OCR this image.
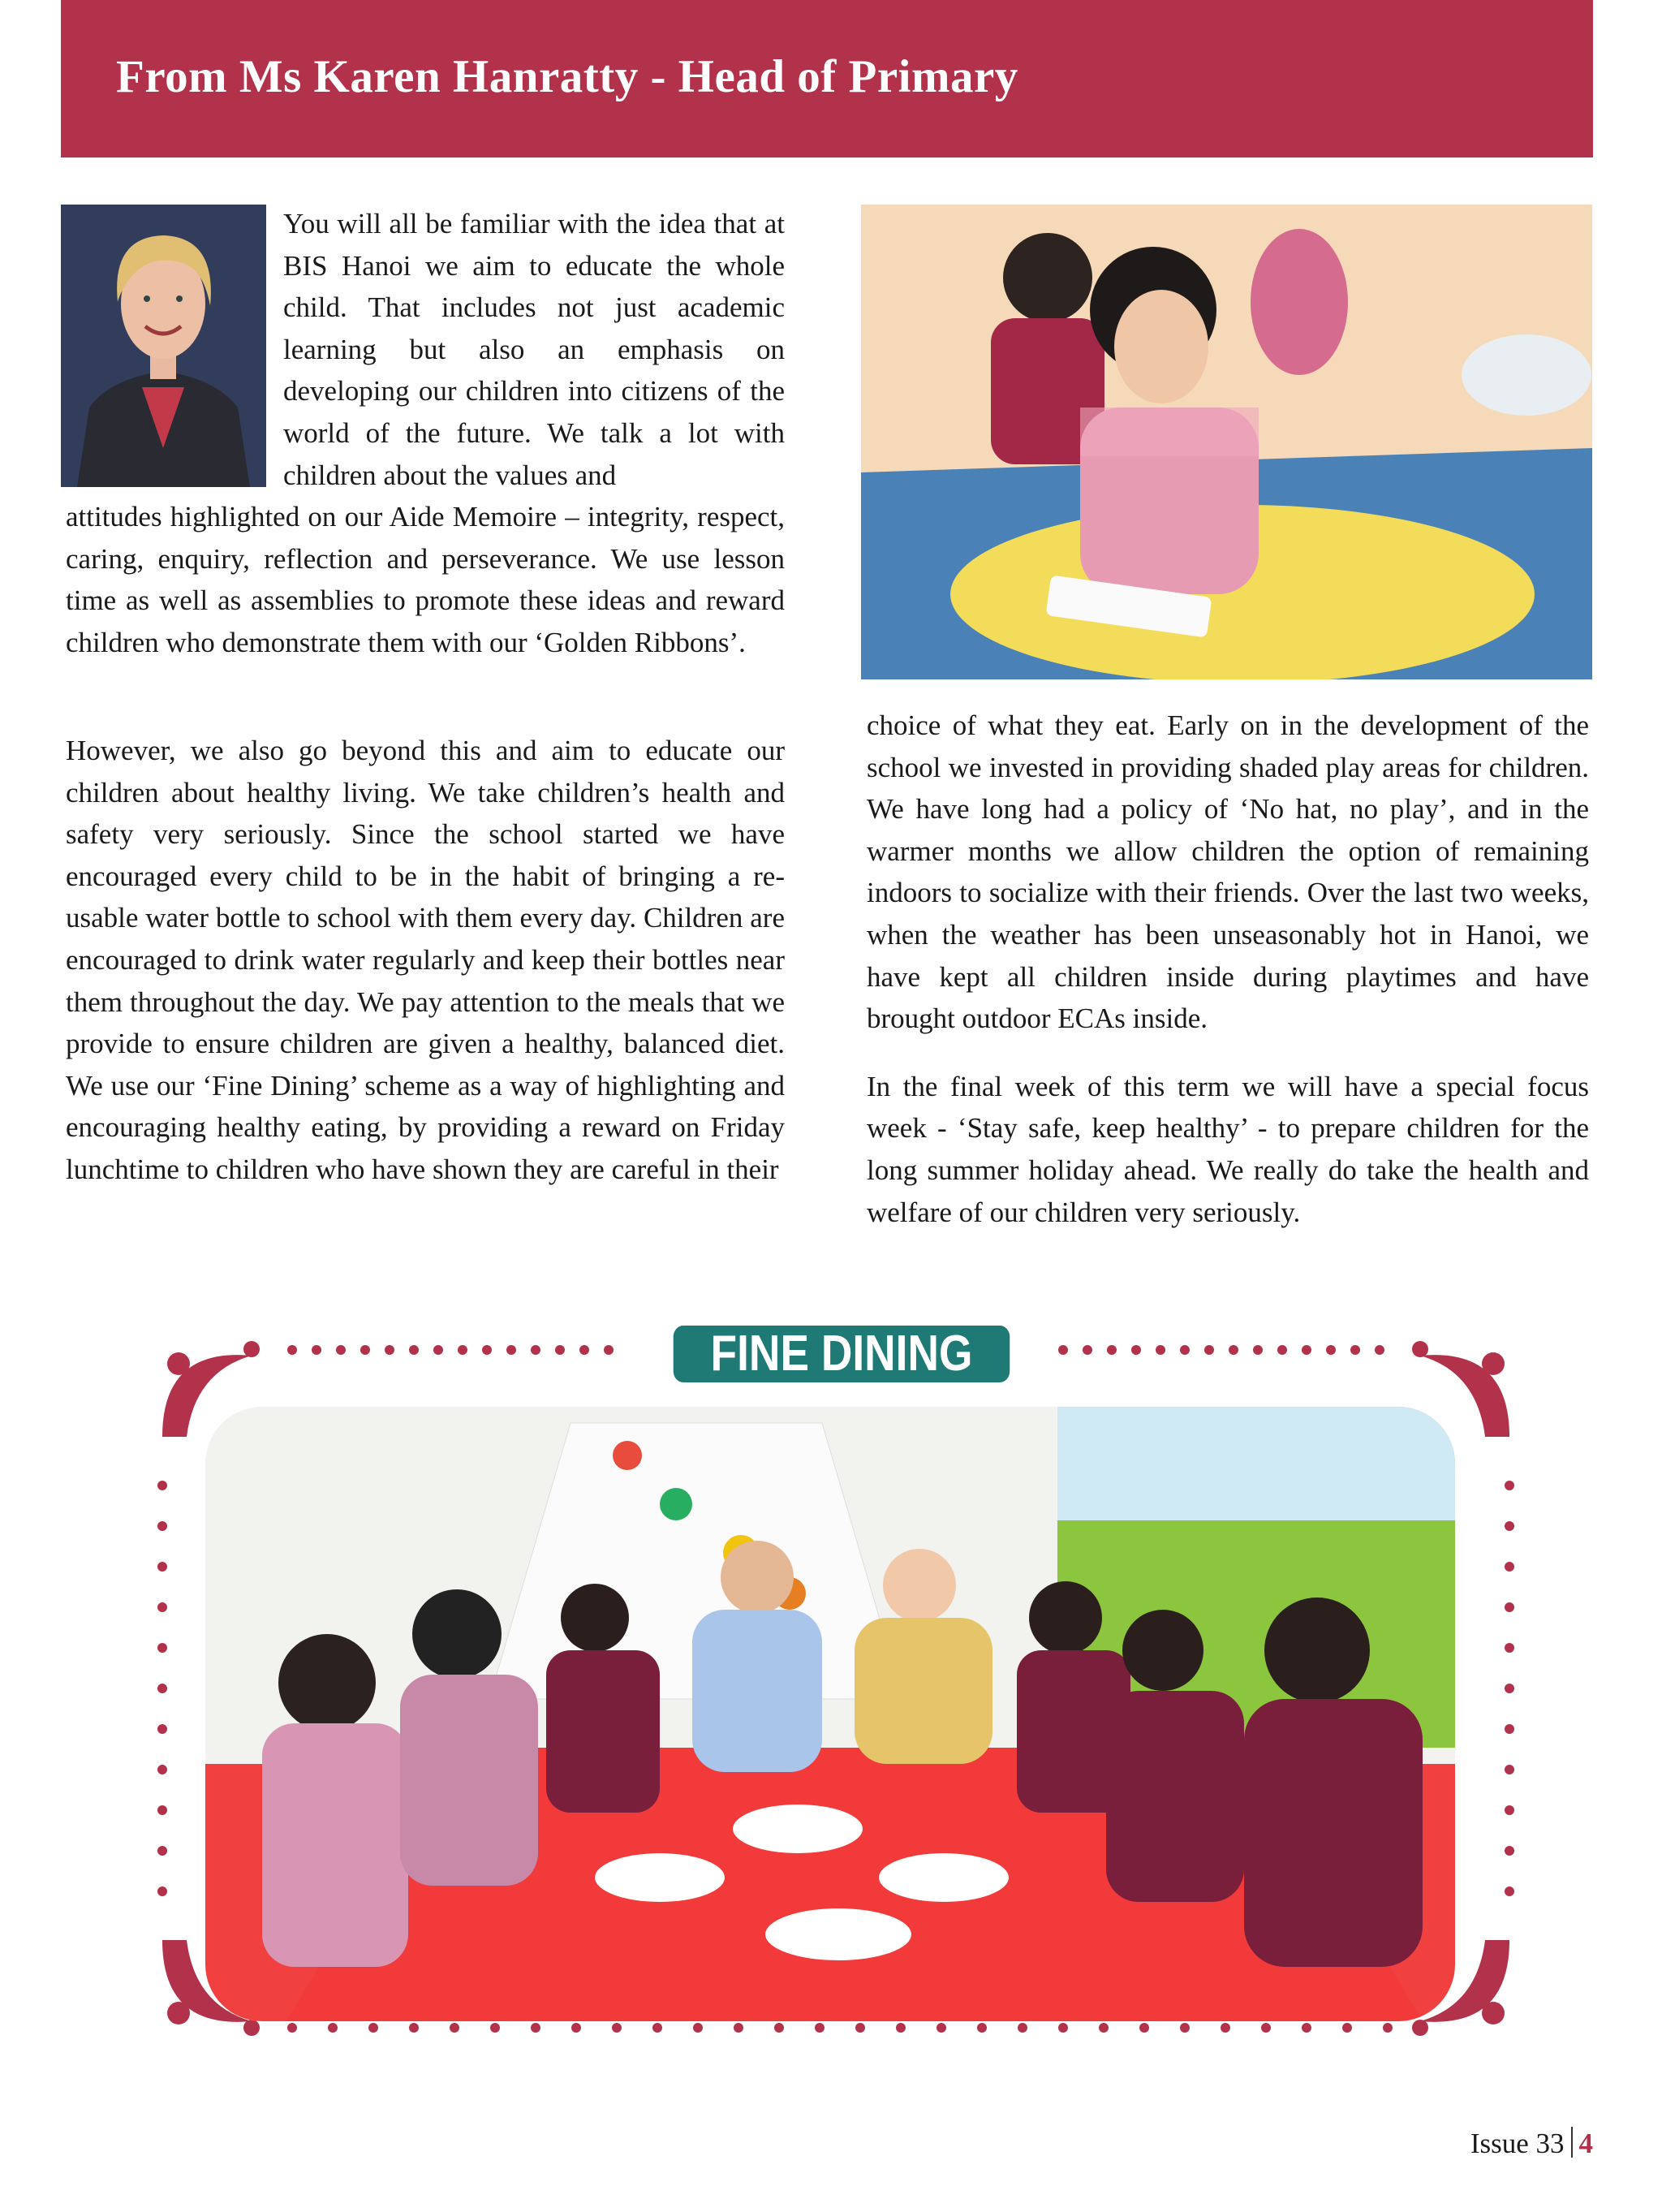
From Ms Karen Hanratty - Head of Primary

You will all be familiar with the idea that at BIS Hanoi we aim to educate the whole child. That includes not just academic learning but also an emphasis on developing our children into citizens of the world of the future. We talk a lot with children about the values and

attitudes highlighted on our Aide Memoire – integrity, respect, caring, enquiry, reflection and perseverance. We use lesson time as well as assemblies to promote these ideas and reward children who demonstrate them with our ‘Golden Ribbons’.

However, we also go beyond this and aim to educate our children about healthy living. We take children’s health and safety very seriously. Since the school started we have encouraged every child to be in the habit of bringing a re-usable water bottle to school with them every day. Children are encouraged to drink water regularly and keep their bottles near them throughout the day. We pay attention to the meals that we provide to ensure children are given a healthy, balanced diet. We use our ‘Fine Dining’ scheme as a way of highlighting and encouraging healthy eating, by providing a reward on Friday lunchtime to children who have shown they are careful in their

choice of what they eat. Early on in the development of the school we invested in providing shaded play areas for children. We have long had a policy of ‘No hat, no play’, and in the warmer months we allow children the option of remaining indoors to socialize with their friends. Over the last two weeks, when the weather has been unseasonably hot in Hanoi, we have kept all children inside during playtimes and have brought outdoor ECAs inside.

In the final week of this term we will have a special focus week - ‘Stay safe, keep healthy’ - to prepare children for the long summer holiday ahead. We really do take the health and welfare of our children very seriously.

FINE DINING
Issue 33 4
